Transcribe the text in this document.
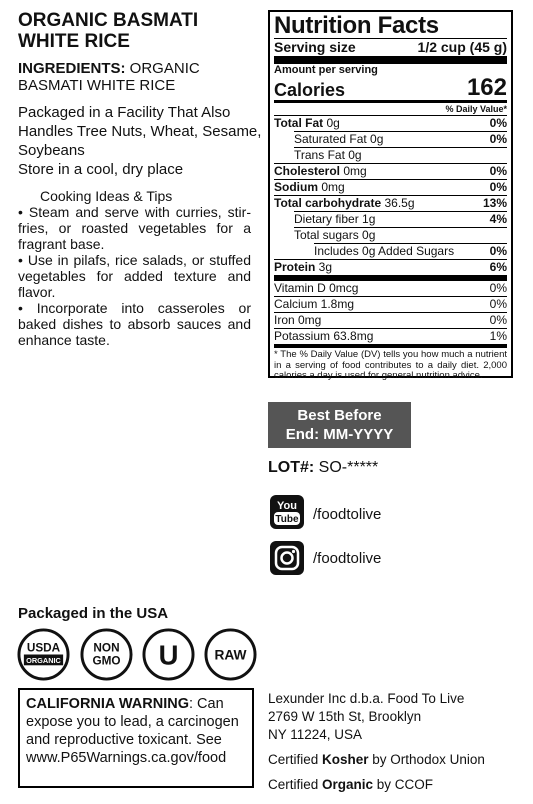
ORGANIC BASMATI WHITE RICE
INGREDIENTS: ORGANIC BASMATI WHITE RICE
Packaged in a Facility That Also Handles Tree Nuts, Wheat, Sesame, Soybeans
Store in a cool, dry place
Cooking Ideas & Tips
• Steam and serve with curries, stir-fries, or roasted vegetables for a fragrant base.
• Use in pilafs, rice salads, or stuffed vegetables for added texture and flavor.
• Incorporate into casseroles or baked dishes to absorb sauces and enhance taste.
Nutrition Facts
Serving size	1/2 cup (45 g)
Amount per serving
Calories	162
% Daily Value*
Total Fat 0g	0%
Saturated Fat 0g	0%
Trans Fat 0g
Cholesterol 0mg	0%
Sodium 0mg	0%
Total carbohydrate 36.5g	13%
Dietary fiber 1g	4%
Total sugars 0g
Includes 0g Added Sugars	0%
Protein 3g	6%
Vitamin D 0mcg	0%
Calcium 1.8mg	0%
Iron 0mg	0%
Potassium 63.8mg	1%
* The % Daily Value (DV) tells you how much a nutrient in a serving of food contributes to a daily diet. 2,000 calories a day is used for general nutrition advice.
Best Before
End: MM-YYYY
LOT#: SO-*****
You
Tube /foodtolive
/foodtolive
Packaged in the USA
USDA
ORGANIC
NON
GMO U	RAW
CALIFORNIA WARNING: Can expose you to lead, a carcinogen and reproductive toxicant. See www.P65Warnings.ca.gov/food
Lexunder Inc d.b.a. Food To Live
2769 W 15th St, Brooklyn
NY 11224, USA
Certified Kosher by Orthodox Union
Certified Organic by CCOF
